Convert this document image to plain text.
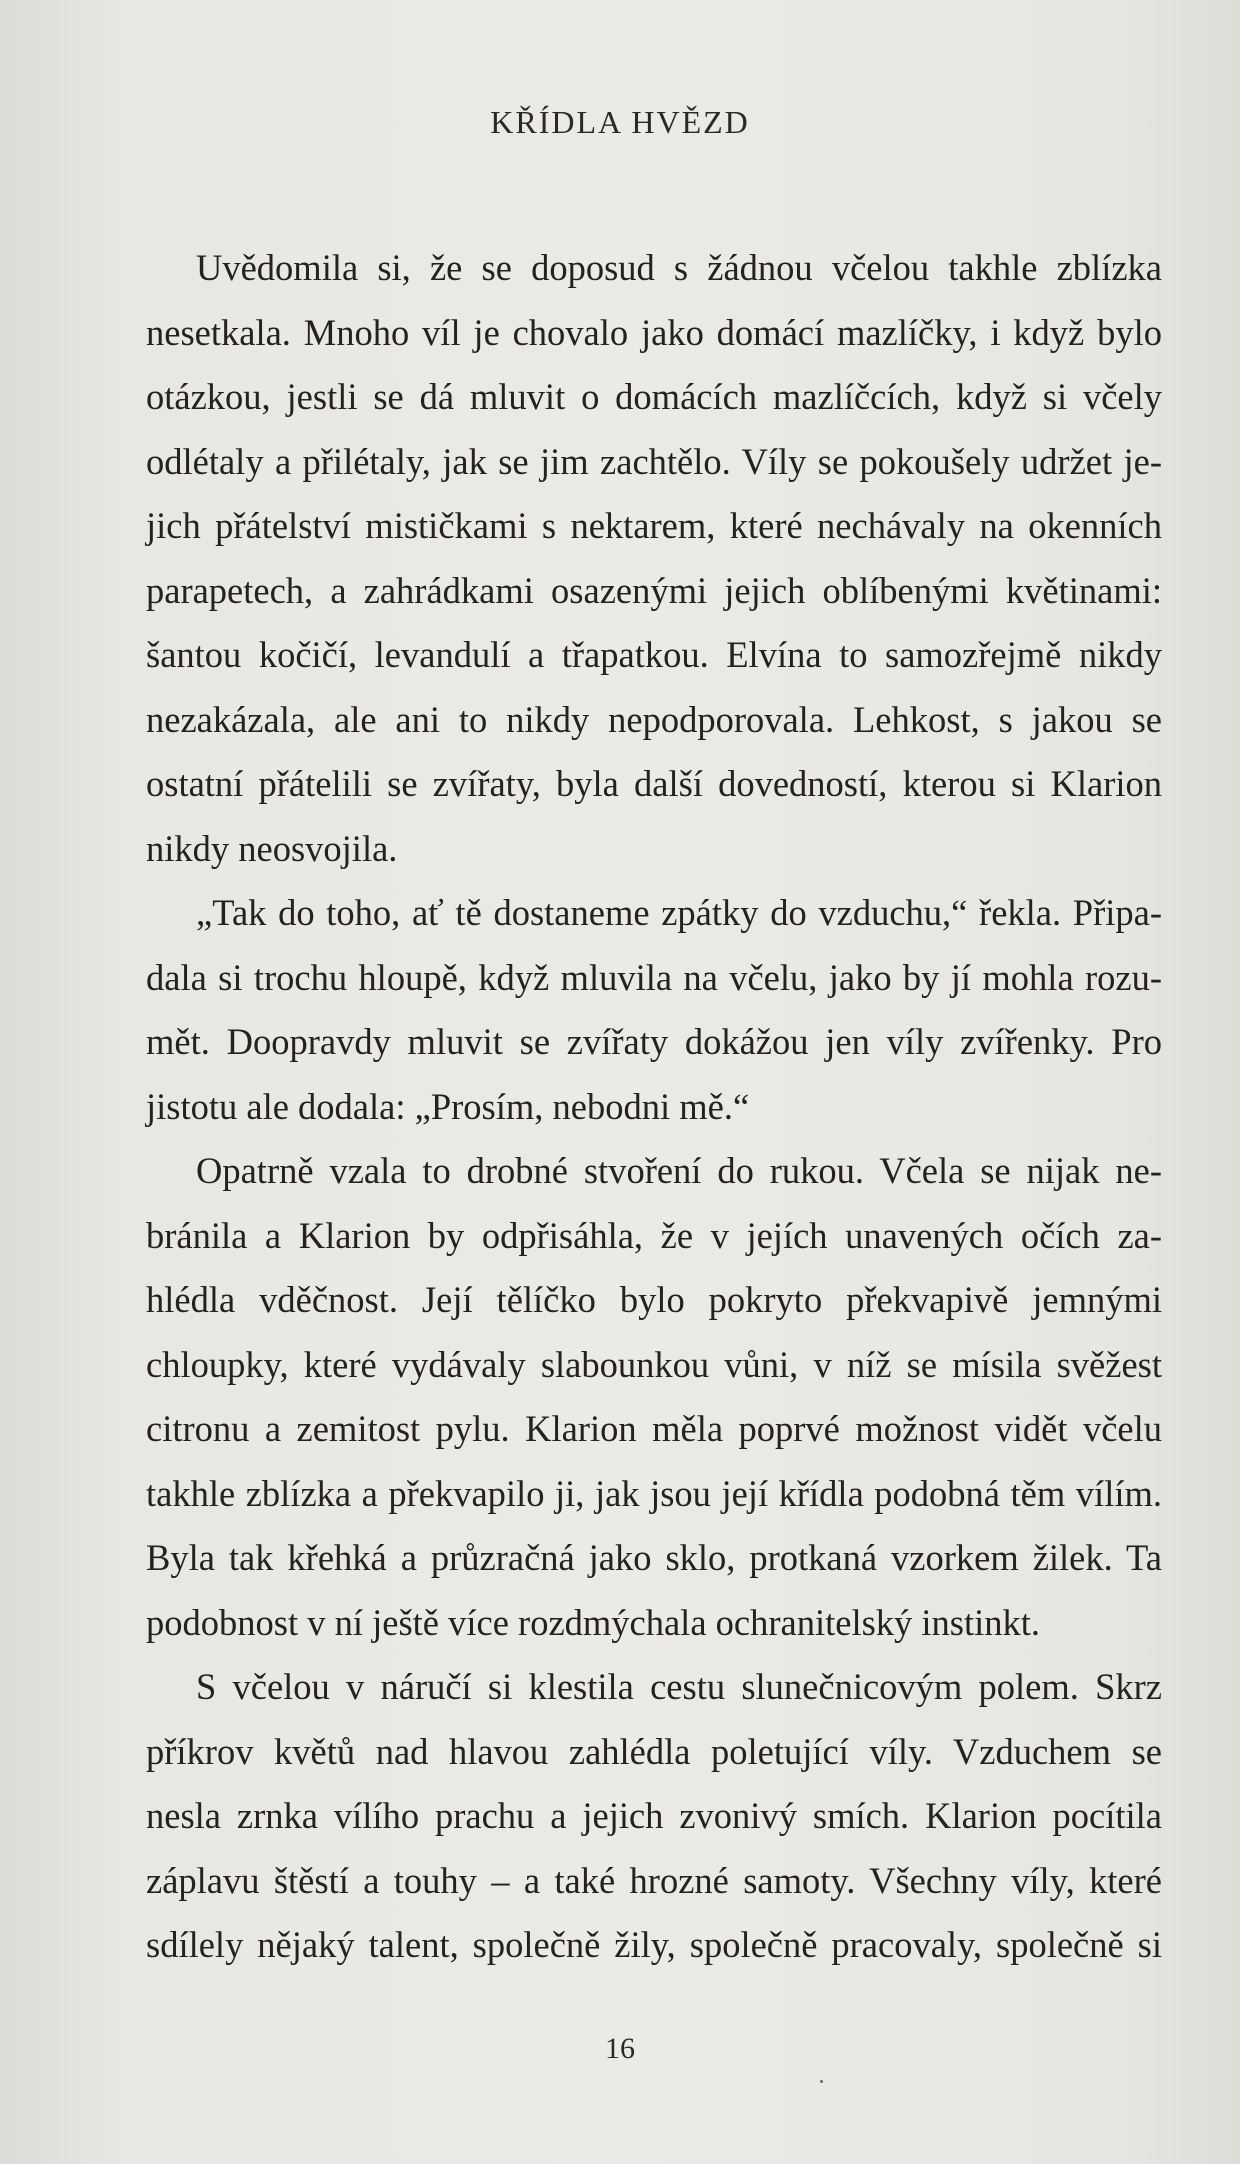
KŘÍDLA HVĚZD
Uvědomila si, že se doposud s žádnou včelou takhle zblízka
nesetkala. Mnoho víl je chovalo jako domácí mazlíčky, i když bylo
otázkou, jestli se dá mluvit o domácích mazlíčcích, když si včely
odlétaly a přilétaly, jak se jim zachtělo. Víly se pokoušely udržet je-
jich přátelství mističkami s nektarem, které nechávaly na okenních
parapetech, a zahrádkami osazenými jejich oblíbenými květinami:
šantou kočičí, levandulí a třapatkou. Elvína to samozřejmě nikdy
nezakázala, ale ani to nikdy nepodporovala. Lehkost, s jakou se
ostatní přátelili se zvířaty, byla další dovedností, kterou si Klarion
nikdy neosvojila.
„Tak do toho, ať tě dostaneme zpátky do vzduchu,“ řekla. Připa-
dala si trochu hloupě, když mluvila na včelu, jako by jí mohla rozu-
mět. Doopravdy mluvit se zvířaty dokážou jen víly zvířenky. Pro
jistotu ale dodala: „Prosím, nebodni mě.“
Opatrně vzala to drobné stvoření do rukou. Včela se nijak ne-
bránila a Klarion by odpřisáhla, že v jejích unavených očích za-
hlédla vděčnost. Její tělíčko bylo pokryto překvapivě jemnými
chloupky, které vydávaly slabounkou vůni, v níž se mísila svěžest
citronu a zemitost pylu. Klarion měla poprvé možnost vidět včelu
takhle zblízka a překvapilo ji, jak jsou její křídla podobná těm vílím.
Byla tak křehká a průzračná jako sklo, protkaná vzorkem žilek. Ta
podobnost v ní ještě více rozdmýchala ochranitelský instinkt.
S včelou v náručí si klestila cestu slunečnicovým polem. Skrz
příkrov květů nad hlavou zahlédla poletující víly. Vzduchem se
nesla zrnka vílího prachu a jejich zvonivý smích. Klarion pocítila
záplavu štěstí a touhy – a také hrozné samoty. Všechny víly, které
sdílely nějaký talent, společně žily, společně pracovaly, společně si
16
